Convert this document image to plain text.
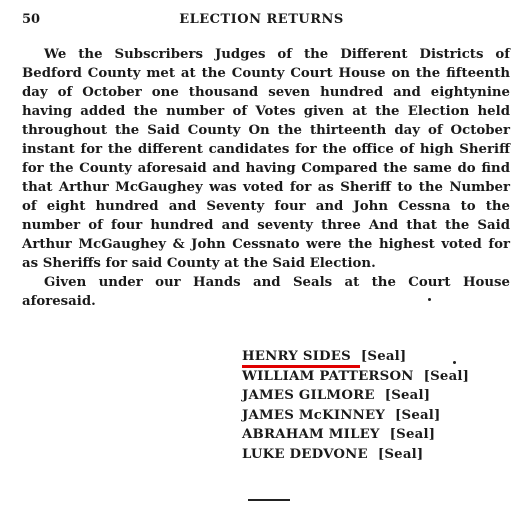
50	ELECTION RETURNS

We the Subscribers Judges of the Different Districts of Bedford County met at the County Court House on the fifteenth day of October one thousand seven hundred and eightynine having added the number of Votes given at the Election held throughout the Said County On the thirteenth day of October instant for the different candidates for the office of high Sheriff for the County aforesaid and having Compared the same do find that Arthur McGaughey was voted for as Sheriff to the Number of eight hundred and Seventy four and John Cessna to the number of four hundred and seventy three And that the Said Arthur McGaughey & John Cessnato were the highest voted for as Sheriffs for said County at the Said Election.

Given under our Hands and Seals at the Court House aforesaid.

HENRY SIDES [Seal]
WILLIAM PATTERSON [Seal]
JAMES GILMORE [Seal]
JAMES McKINNEY [Seal]
ABRAHAM MILEY [Seal]
LUKE DEDVONE [Seal]
